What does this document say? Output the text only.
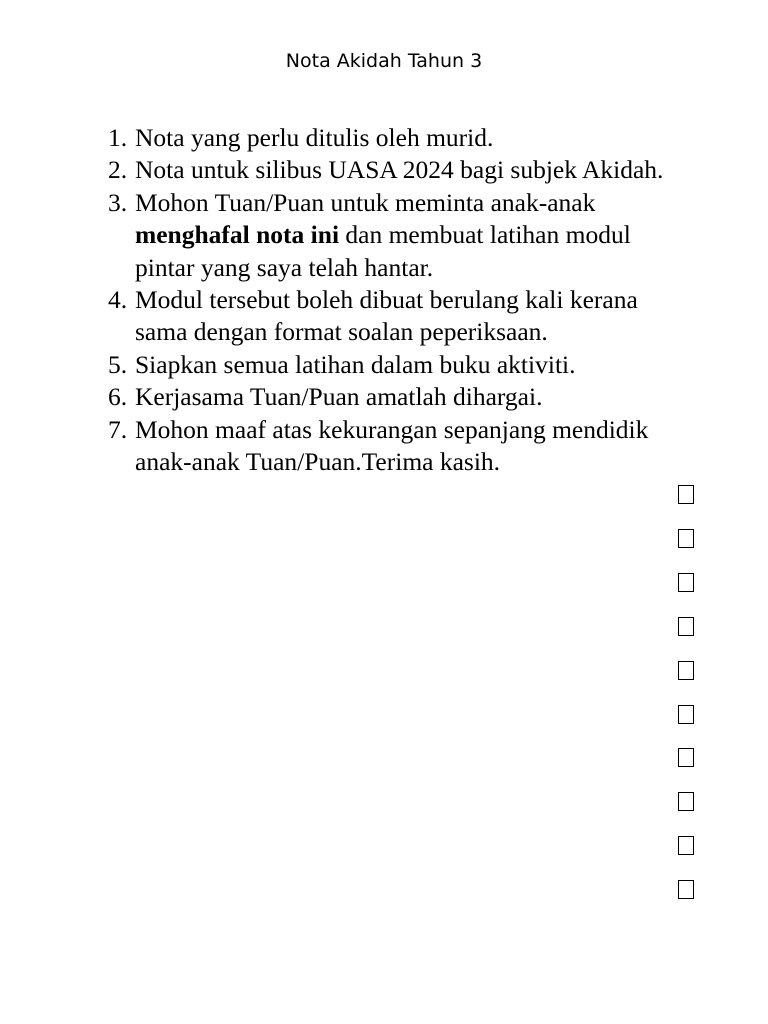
Nota Akidah Tahun 3
1. Nota yang perlu ditulis oleh murid.
2. Nota untuk silibus UASA 2024 bagi subjek Akidah.
3. Mohon Tuan/Puan untuk meminta anak-anak
menghafal nota ini dan membuat latihan modul
pintar yang saya telah hantar.
4. Modul tersebut boleh dibuat berulang kali kerana
sama dengan format soalan peperiksaan.
5. Siapkan semua latihan dalam buku aktiviti.
6. Kerjasama Tuan/Puan amatlah dihargai.
7. Mohon maaf atas kekurangan sepanjang mendidik
anak-anak Tuan/Puan.Terima kasih.
